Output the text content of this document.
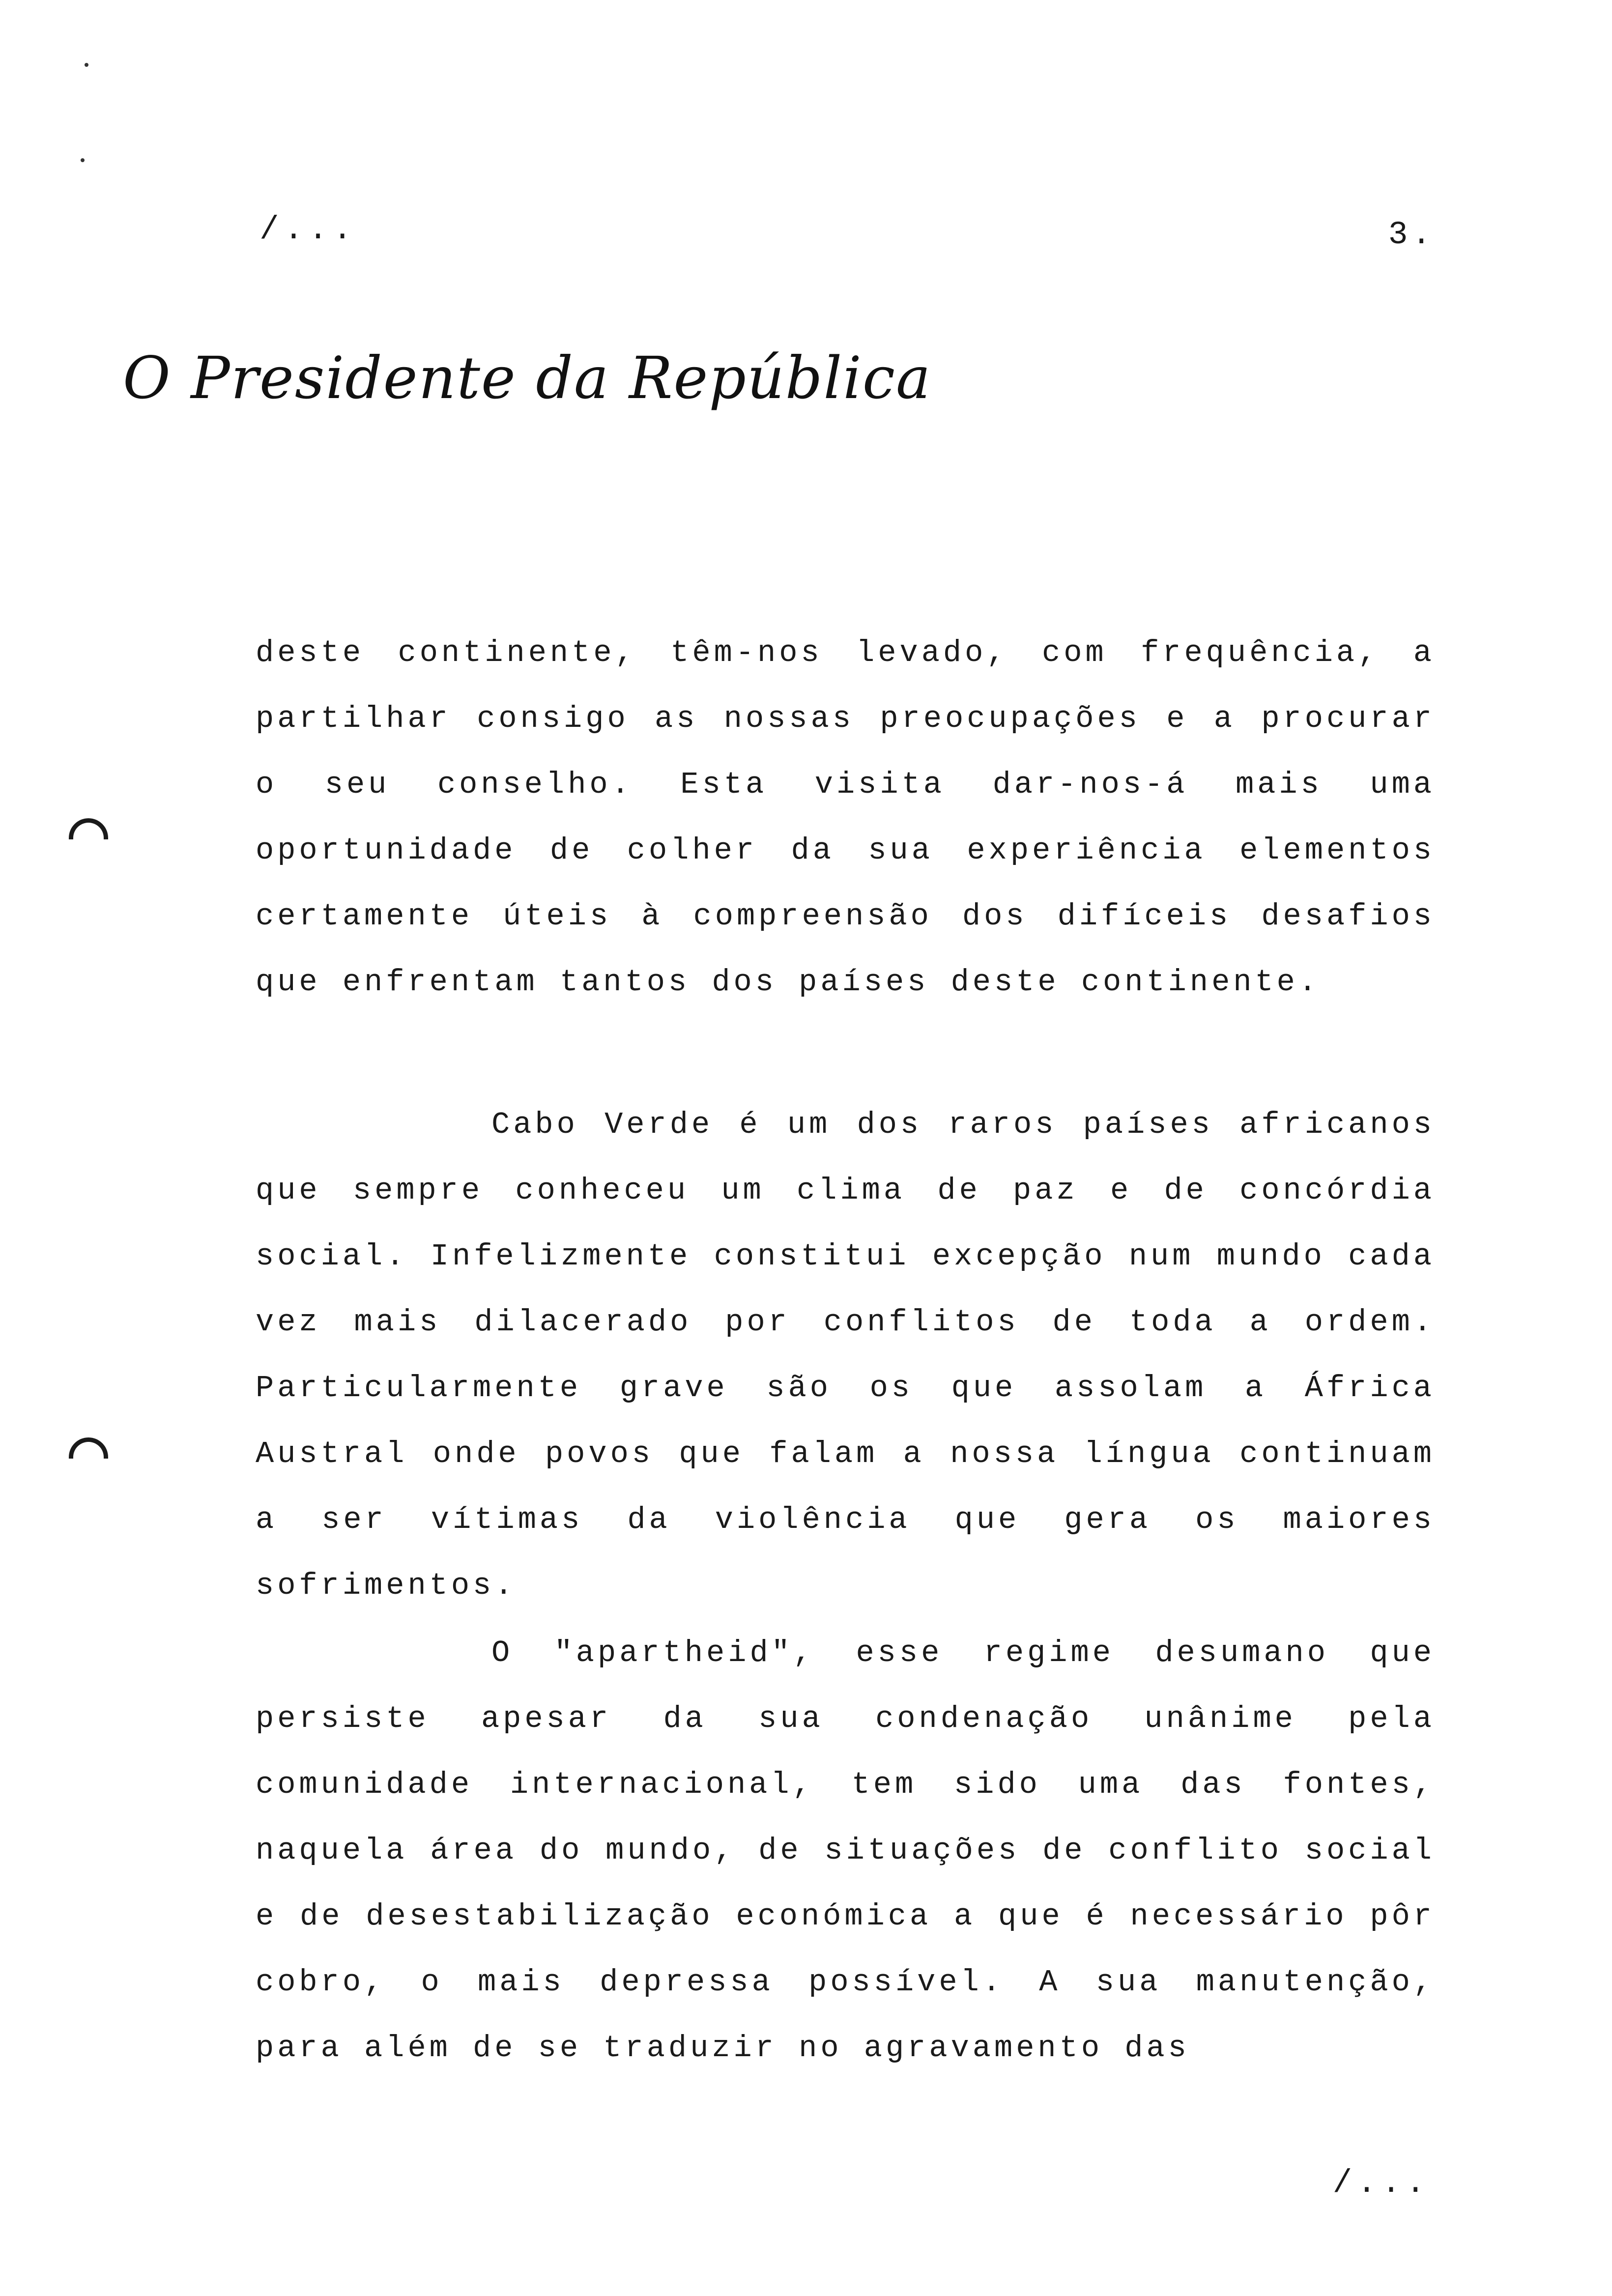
/...	3.
O Presidente da República

deste continente, têm-nos levado, com frequência, a partilhar consigo as nossas preocupações e a procurar o seu conselho. Esta visita dar-nos-á mais uma oportunidade de colher da sua experiência elementos certamente úteis à compreensão dos difíceis desafios que enfrentam tantos dos países deste continente.

Cabo Verde é um dos raros países africanos que sempre conheceu um clima de paz e de concórdia social. Infelizmente constitui excepção num mundo cada vez mais dilacerado por conflitos de toda a ordem. Particularmente grave são os que assolam a África Austral onde povos que falam a nossa língua continuam a ser vítimas da violência que gera os maiores sofrimentos.

O "apartheid", esse regime desumano que persiste apesar da sua condenação unânime pela comunidade internacional, tem sido uma das fontes, naquela área do mundo, de situações de conflito social e de desestabilização económica a que é necessário pôr cobro, o mais depressa possível. A sua manutenção, para além de se traduzir no agravamento das

/...
